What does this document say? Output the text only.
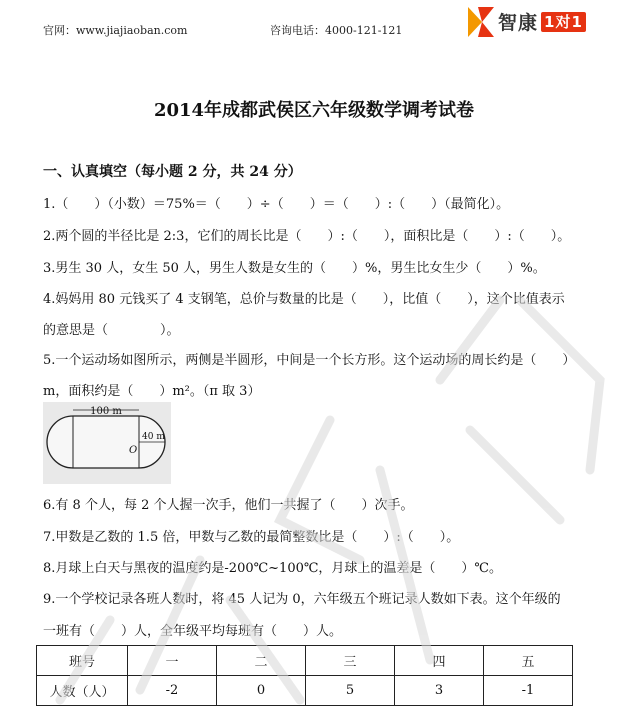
官网：www.jiajiaoban.com	咨询电话：4000-121-121	智康 1对1
2014年成都武侯区六年级数学调考试卷
一、认真填空（每小题 2 分，共 24 分）
1.（　　）（小数）＝75%＝（　　）÷（　　）＝（　　）:（　　）（最简化）。
2.两个圆的半径比是 2:3，它们的周长比是（　　）:（　　），面积比是（　　）:（　　）。
3.男生 30 人，女生 50 人，男生人数是女生的（　　）%，男生比女生少（　　）%。
4.妈妈用 80 元钱买了 4 支钢笔，总价与数量的比是（　　），比值（　　），这个比值表示
的意思是（　　　　）。
5.一个运动场如图所示，两侧是半圆形，中间是一个长方形。这个运动场的周长约是（　　）
m，面积约是（　　）m²。（π 取 3）
100 m
40 m
O
6.有 8 个人，每 2 个人握一次手，他们一共握了（　　）次手。
7.甲数是乙数的 1.5 倍，甲数与乙数的最简整数比是（　　）:（　　）。
8.月球上白天与黑夜的温度约是-200℃~100℃，月球上的温差是（　　）℃。
9.一个学校记录各班人数时，将 45 人记为 0，六年级五个班记录人数如下表。这个年级的
一班有（　　）人，全年级平均每班有（　　）人。
班号	一	二	三	四	五
人数（人）	-2	0	5	3	-1
